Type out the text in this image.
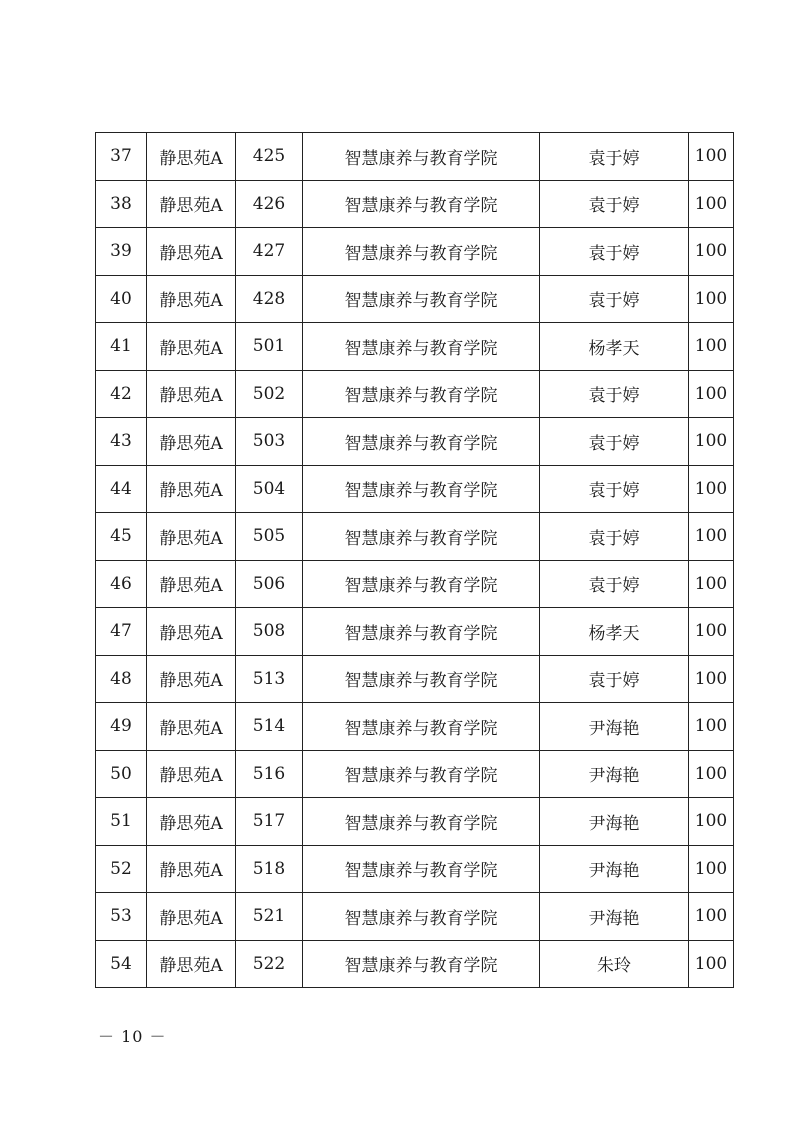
37	静思苑A	425	智慧康养与教育学院	袁于婷	100
38	静思苑A	426	智慧康养与教育学院	袁于婷	100
39	静思苑A	427	智慧康养与教育学院	袁于婷	100
40	静思苑A	428	智慧康养与教育学院	袁于婷	100
41	静思苑A	501	智慧康养与教育学院	杨孝天	100
42	静思苑A	502	智慧康养与教育学院	袁于婷	100
43	静思苑A	503	智慧康养与教育学院	袁于婷	100
44	静思苑A	504	智慧康养与教育学院	袁于婷	100
45	静思苑A	505	智慧康养与教育学院	袁于婷	100
46	静思苑A	506	智慧康养与教育学院	袁于婷	100
47	静思苑A	508	智慧康养与教育学院	杨孝天	100
48	静思苑A	513	智慧康养与教育学院	袁于婷	100
49	静思苑A	514	智慧康养与教育学院	尹海艳	100
50	静思苑A	516	智慧康养与教育学院	尹海艳	100
51	静思苑A	517	智慧康养与教育学院	尹海艳	100
52	静思苑A	518	智慧康养与教育学院	尹海艳	100
53	静思苑A	521	智慧康养与教育学院	尹海艳	100
54	静思苑A	522	智慧康养与教育学院	朱玲	100
－ 10 －
